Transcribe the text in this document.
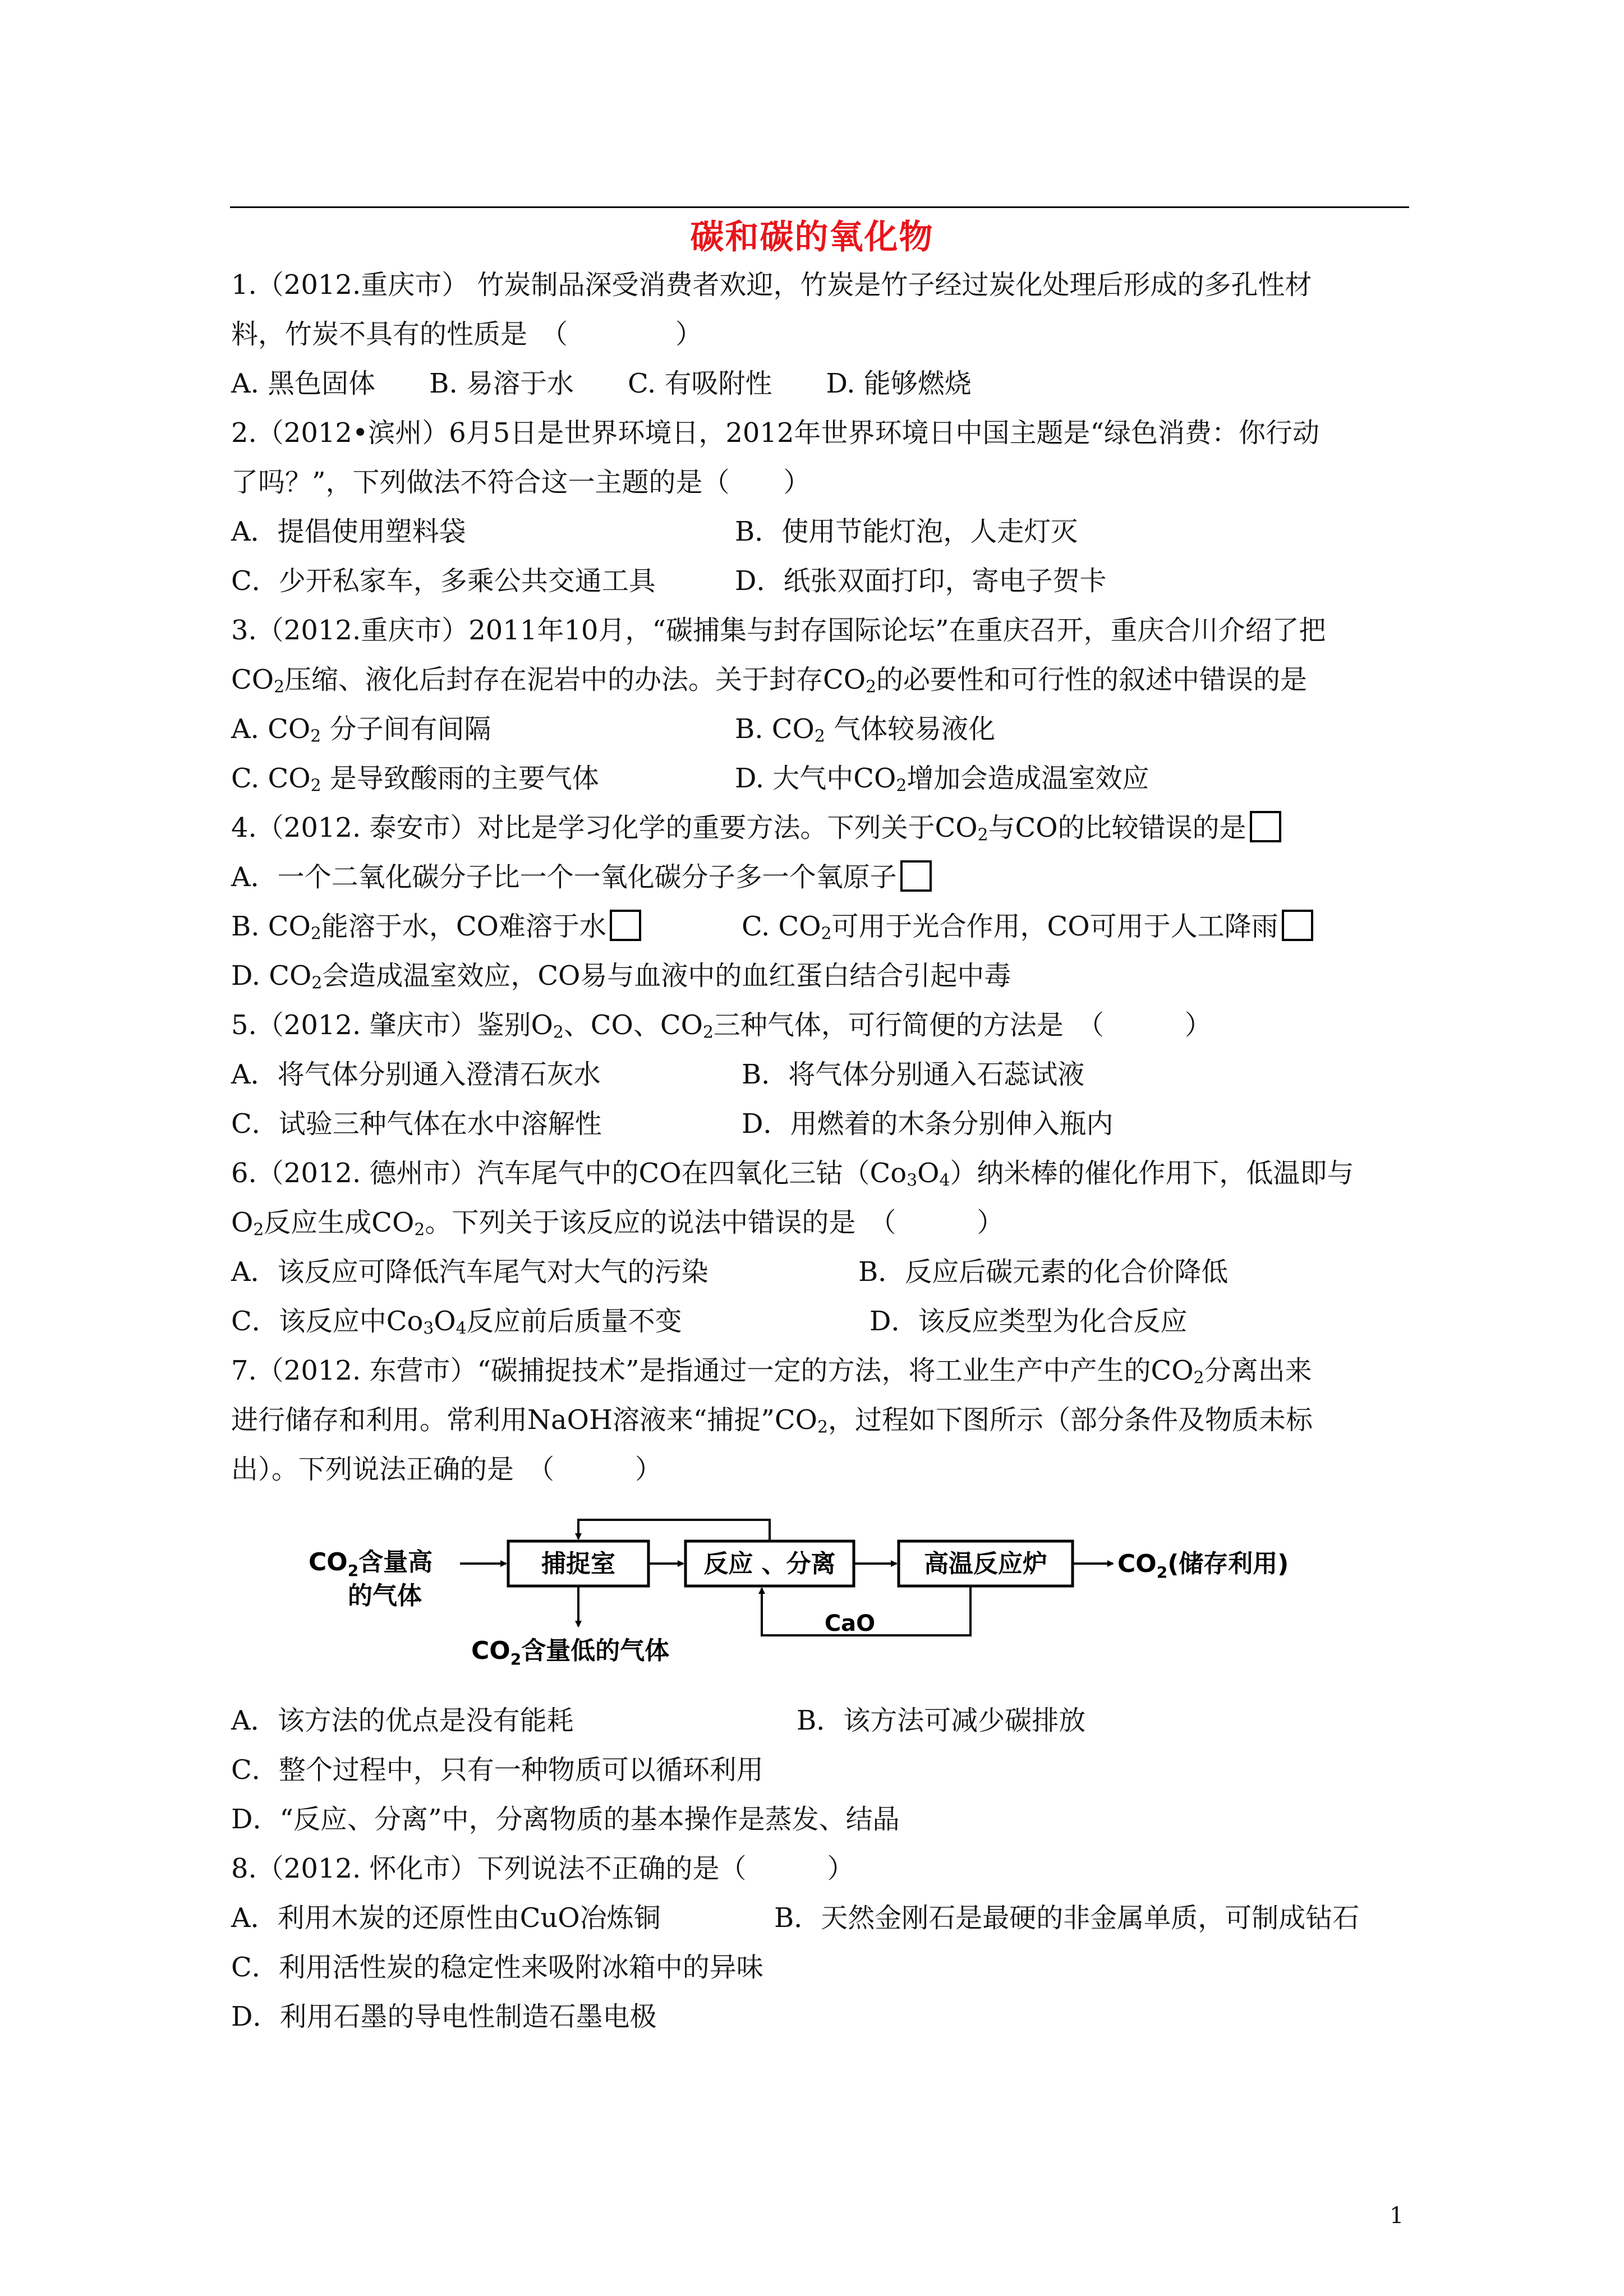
碳和碳的氧化物
1.（2012.重庆市） 竹炭制品深受消费者欢迎，竹炭是竹子经过炭化处理后形成的多孔性材
料，竹炭不具有的性质是　（　　　　）
A. 黑色固体　　B. 易溶于水　　C. 有吸附性　　D. 能够燃烧
2.（2012•滨州）6月5日是世界环境日，2012年世界环境日中国主题是“绿色消费：你行动
了吗？”，下列做法不符合这一主题的是（　　）
A．提倡使用塑料袋	B．使用节能灯泡，人走灯灭
C．少开私家车，多乘公共交通工具	D．纸张双面打印，寄电子贺卡
3.（2012.重庆市）2011年10月，“碳捕集与封存国际论坛”在重庆召开，重庆合川介绍了把
$CO_2$压缩、液化后封存在泥岩中的办法。关于封存$CO_2$的必要性和可行性的叙述中错误的是
A. $CO_2$ 分子间有间隔	B. $CO_2$ 气体较易液化
C. $CO_2$ 是导致酸雨的主要气体	D. 大气中$CO_2$增加会造成温室效应
4.（2012. 泰安市）对比是学习化学的重要方法。下列关于$CO_2$与CO的比较错误的是
A．一个二氧化碳分子比一个一氧化碳分子多一个氧原子
B. $CO_2$能溶于水，CO难溶于水	C. $CO_2$可用于光合作用，CO可用于人工降雨
D. $CO_2$会造成温室效应，CO易与血液中的血红蛋白结合引起中毒
5.（2012. 肇庆市）鉴别$O_2$、CO、$CO_2$三种气体，可行简便的方法是　（　　　）
A．将气体分别通入澄清石灰水	B．将气体分别通入石蕊试液
C．试验三种气体在水中溶解性	D．用燃着的木条分别伸入瓶内
6.（2012. 德州市）汽车尾气中的CO在四氧化三钴$(Co_3O_4)$纳米棒的催化作用下，低温即与
$O_2$反应生成$CO_2$。下列关于该反应的说法中错误的是　（　　　）
A．该反应可降低汽车尾气对大气的污染	B．反应后碳元素的化合价降低
C．该反应中$Co_3O_4$反应前后质量不变	D．该反应类型为化合反应
7.（2012. 东营市）“碳捕捉技术”是指通过一定的方法，将工业生产中产生的$CO_2$分离出来
进行储存和利用。常利用NaOH溶液来“捕捉$”CO_2$，过程如下图所示（部分条件及物质未标
出）。下列说法正确的是　（　　　）
$CO_2$含量高
的气体
捕捉室	反应 、分离	高温反应炉	$CO_2$(储存利用)
$CO_2$含量低的气体
CaO
A．该方法的优点是没有能耗	B．该方法可减少碳排放
C．整个过程中，只有一种物质可以循环利用
D．“反应、分离”中，分离物质的基本操作是蒸发、结晶
8.（2012. 怀化市）下列说法不正确的是（　　　）
A．利用木炭的还原性由CuO冶炼铜	B．天然金刚石是最硬的非金属单质，可制成钻石
C．利用活性炭的稳定性来吸附冰箱中的异味
D．利用石墨的导电性制造石墨电极
1
